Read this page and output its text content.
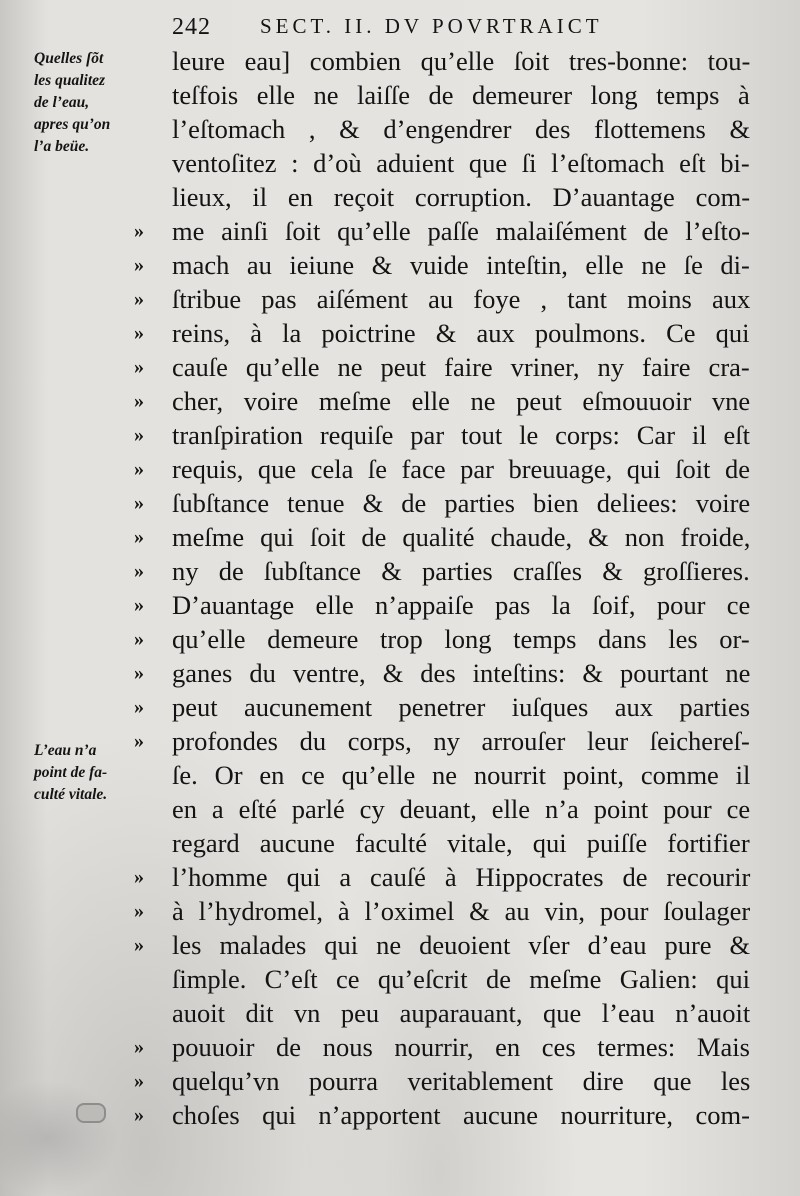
242 SECT. II. DV POVRTRAICT
Quelles ſõt
les qualitez
de l’eau,
apres qu’on
l’a beüe.
L’eau n’a
point de fa-
culté vitale.
leure eau] combien qu’elle ſoit tres-bonne: tou-
teſfois elle ne laiſſe de demeurer long temps à
l’eſtomach , & d’engendrer des flottemens &
ventoſitez : d’où aduient que ſi l’eſtomach eſt bi-
lieux, il en reçoit corruption. D’auantage com-
»	me ainſi ſoit qu’elle paſſe malaiſément de l’eſto-
»	mach au ieiune & vuide inteſtin, elle ne ſe di-
»	ſtribue pas aiſément au foye , tant moins aux
»	reins, à la poictrine & aux poulmons. Ce qui
»	cauſe qu’elle ne peut faire vriner, ny faire cra-
»	cher, voire meſme elle ne peut eſmouuoir vne
»	tranſpiration requiſe par tout le corps: Car il eſt
»	requis, que cela ſe face par breuuage, qui ſoit de
»	ſubſtance tenue & de parties bien deliees: voire
»	meſme qui ſoit de qualité chaude, & non froide,
»	ny de ſubſtance & parties craſſes & groſſieres.
»	D’auantage elle n’appaiſe pas la ſoif, pour ce
»	qu’elle demeure trop long temps dans les or-
»	ganes du ventre, & des inteſtins: & pourtant ne
»	peut aucunement penetrer iuſques aux parties
»	profondes du corps, ny arrouſer leur ſeichereſ-
ſe. Or en ce qu’elle ne nourrit point, comme il
en a eſté parlé cy deuant, elle n’a point pour ce
regard aucune faculté vitale, qui puiſſe fortifier
»	l’homme qui a cauſé à Hippocrates de recourir
»	à l’hydromel, à l’oximel & au vin, pour ſoulager
»	les malades qui ne deuoient vſer d’eau pure &
ſimple. C’eſt ce qu’eſcrit de meſme Galien: qui
auoit dit vn peu auparauant, que l’eau n’auoit
»	pouuoir de nous nourrir, en ces termes: Mais
»	quelqu’vn pourra veritablement dire que les
»	choſes qui n’apportent aucune nourriture, com-
